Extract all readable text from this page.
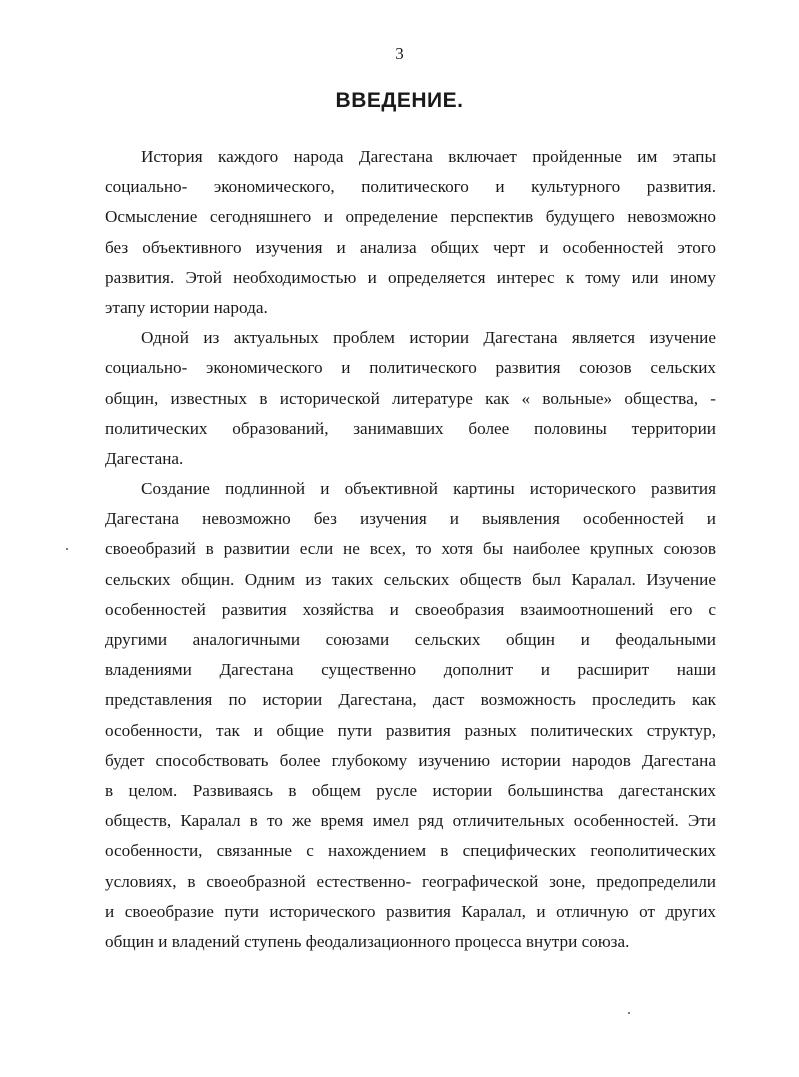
3
ВВЕДЕНИЕ.

История каждого народа Дагестана включает пройденные им этапы
социально- экономического, политического и культурного развития.
Осмысление сегодняшнего и определение перспектив будущего невозможно
без объективного изучения и анализа общих черт и особенностей этого
развития. Этой необходимостью и определяется интерес к тому или иному
этапу истории народа.

Одной из актуальных проблем истории Дагестана является изучение
социально- экономического и политического развития союзов сельских
общин, известных в исторической литературе как « вольные» общества, -
политических образований, занимавших более половины территории
Дагестана.

Создание подлинной и объективной картины исторического развития
Дагестана невозможно без изучения и выявления особенностей и
своеобразий в развитии если не всех, то хотя бы наиболее крупных союзов
сельских общин. Одним из таких сельских обществ был Каралал. Изучение
особенностей развития хозяйства и своеобразия взаимоотношений его с
другими аналогичными союзами сельских общин и феодальными
владениями Дагестана существенно дополнит и расширит наши
представления по истории Дагестана, даст возможность проследить как
особенности, так и общие пути развития разных политических структур,
будет способствовать более глубокому изучению истории народов Дагестана
в целом. Развиваясь в общем русле истории большинства дагестанских
обществ, Каралал в то же время имел ряд отличительных особенностей. Эти
особенности, связанные с нахождением в специфических геополитических
условиях, в своеобразной естественно- географической зоне, предопределили
и своеобразие пути исторического развития Каралал, и отличную от других
общин и владений ступень феодализационного процесса внутри союза.
